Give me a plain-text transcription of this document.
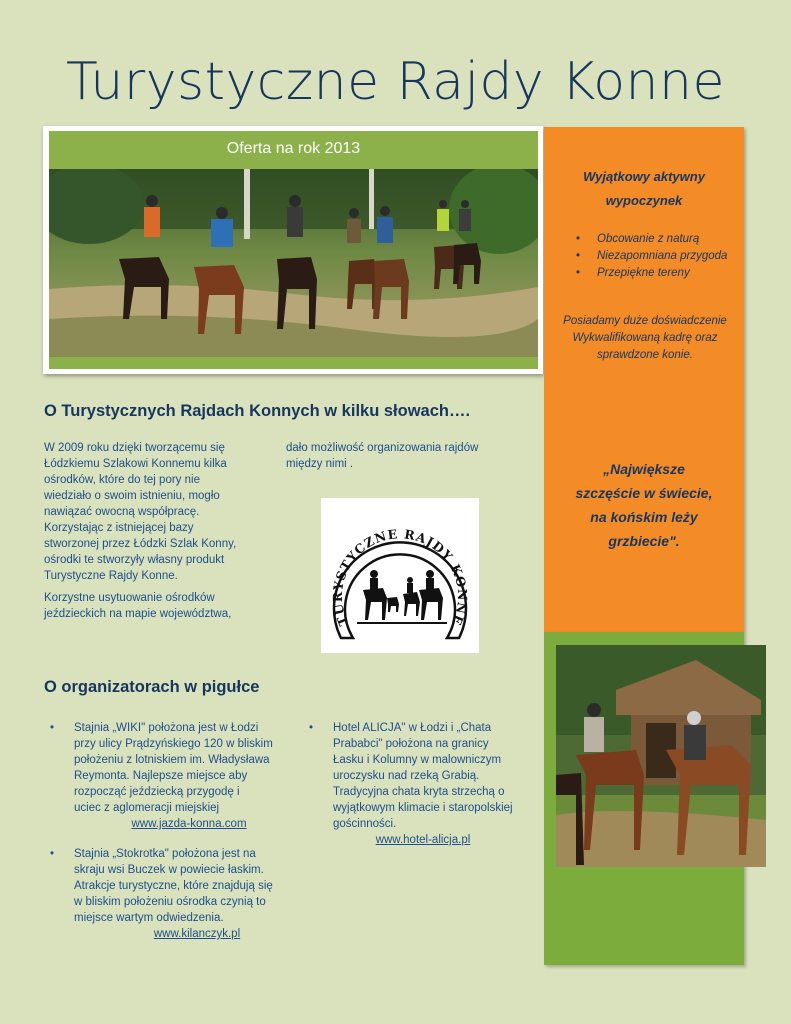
Turystyczne Rajdy Konne
Oferta na rok 2013
Wyjątkowy aktywny
wypoczynek
• Obcowanie z naturą
• Niezapomniana przygoda
• Przepiękne tereny
Posiadamy duże doświadczenie
Wykwalifikowaną kadrę oraz
sprawdzone konie.
„Największe
szczęście w świecie,
na końskim leży
grzbiecie".
O Turystycznych Rajdach Konnych w kilku słowach….
W 2009 roku dzięki tworzącemu się
Łódzkiemu Szlakowi Konnemu kilka
ośrodków, które do tej pory nie
wiedziało o swoim istnieniu, mogło
nawiązać owocną współpracę.
Korzystając z istniejącej bazy
stworzonej przez Łódzki Szlak Konny,
ośrodki te stworzyły własny produkt
Turystyczne Rajdy Konne.
Korzystne usytuowanie ośrodków
jeździeckich na mapie województwa,
dało możliwość organizowania rajdów
między nimi .
TURYSTYCZNE RAJDY KONNE
O organizatorach w pigułce
• Stajnia „WIKI" położona jest w Łodzi
przy ulicy Prądzyńskiego 120 w bliskim
położeniu z lotniskiem im. Władysława
Reymonta. Najlepsze miejsce aby
rozpocząć jeździecką przygodę i
uciec z aglomeracji miejskiej
www.jazda-konna.com
• Stajnia „Stokrotka" położona jest na
skraju wsi Buczek w powiecie łaskim.
Atrakcje turystyczne, które znajdują się
w bliskim położeniu ośrodka czynią to
miejsce wartym odwiedzenia.
www.kilanczyk.pl
• Hotel ALICJA" w Łodzi i „Chata
Prababci" położona na granicy
Łasku i Kolumny w malowniczym
uroczysku nad rzeką Grabią.
Tradycyjna chata kryta strzechą o
wyjątkowym klimacie i staropolskiej
gościnności.
www.hotel-alicja.pl
